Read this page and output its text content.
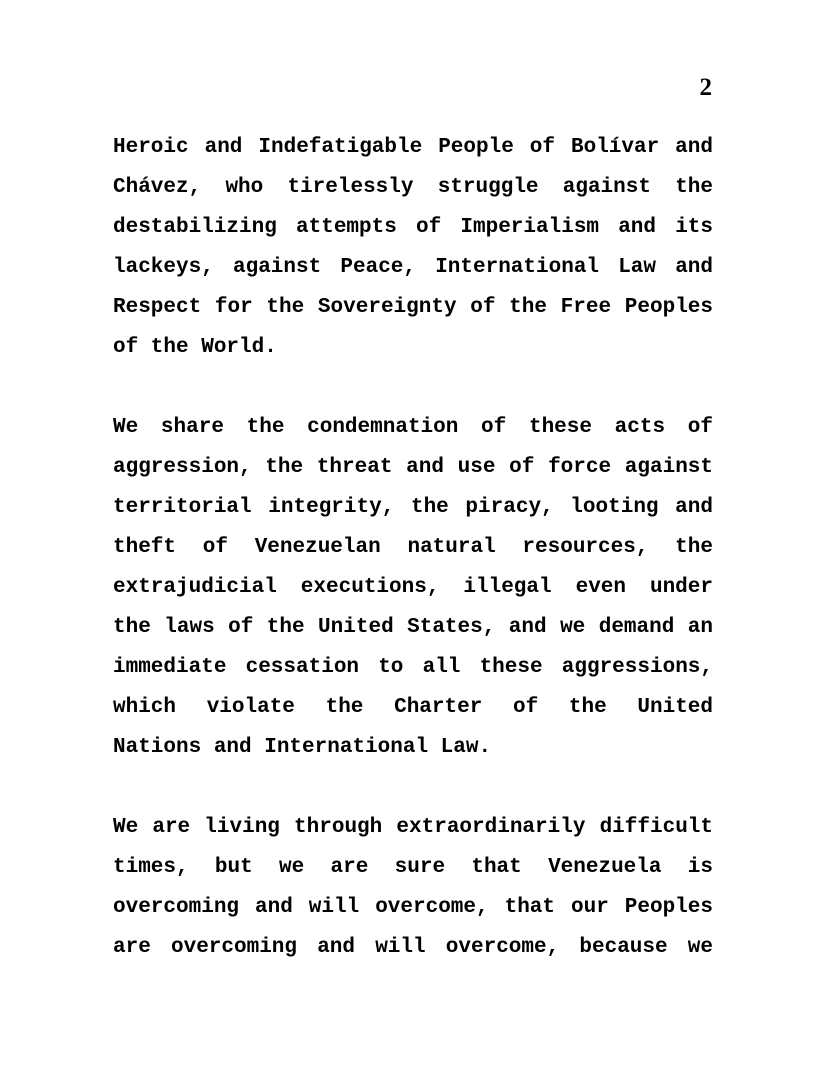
2
Heroic and Indefatigable People of Bolívar and
Chávez, who tirelessly struggle against the
destabilizing attempts of Imperialism and its
lackeys, against Peace, International Law and
Respect for the Sovereignty of the Free Peoples
of the World.
We share the condemnation of these acts of
aggression, the threat and use of force against
territorial integrity, the piracy, looting and
theft of Venezuelan natural resources, the
extrajudicial executions, illegal even under
the laws of the United States, and we demand an
immediate cessation to all these aggressions,
which violate the Charter of the United
Nations and International Law.
We are living through extraordinarily difficult
times, but we are sure that Venezuela is
overcoming and will overcome, that our Peoples
are overcoming and will overcome, because we
